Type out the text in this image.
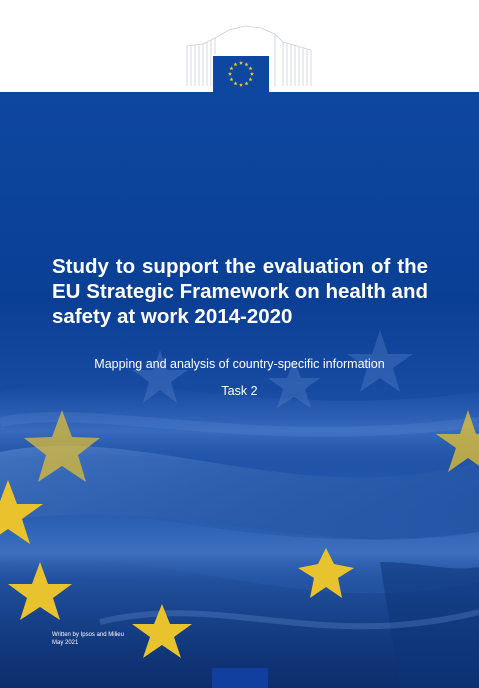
Study to support the evaluation of the EU Strategic Framework on health and safety at work 2014-2020

Mapping and analysis of country-specific information

Task 2

Written by Ipsos and Milieu
May 2021
